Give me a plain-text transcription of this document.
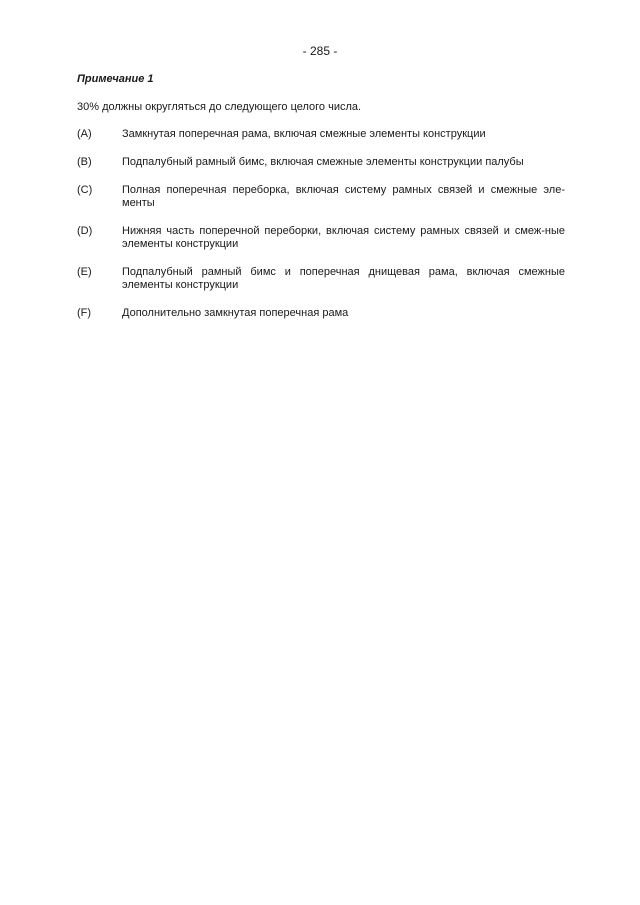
- 285 -
Примечание 1
30% должны округляться до следующего целого числа.
(A)	Замкнутая поперечная рама, включая смежные элементы конструкции
(B)	Подпалубный рамный бимс, включая смежные элементы конструкции палубы
(C)	Полная поперечная переборка, включая систему рамных связей и смежные эле-менты
(D)	Нижняя часть поперечной переборки, включая систему рамных связей и смеж-ные элементы конструкции
(E)	Подпалубный рамный бимс и поперечная днищевая рама, включая смежные элементы конструкции
(F)	Дополнительно замкнутая поперечная рама
